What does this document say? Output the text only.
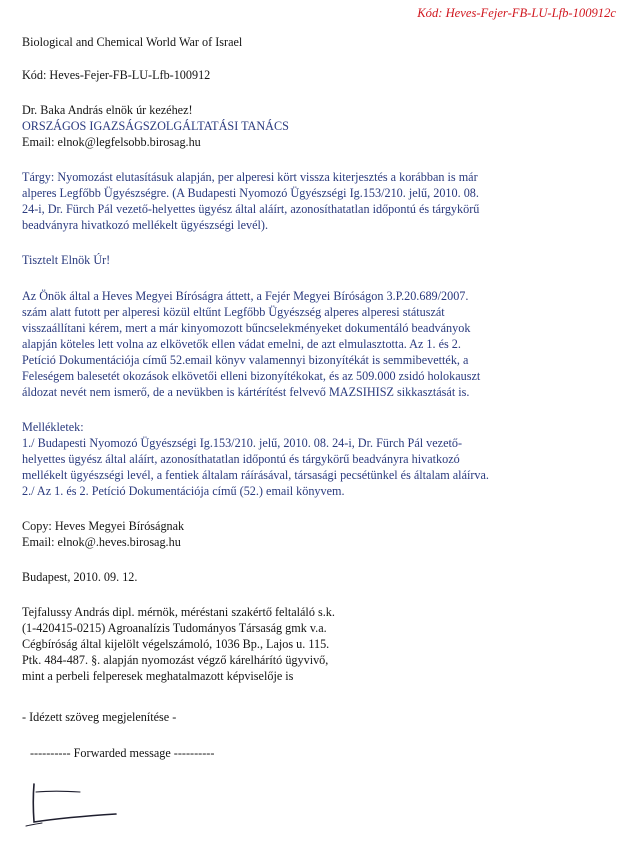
Kód: Heves-Fejer-FB-LU-Lfb-100912c
Biological and Chemical World War of Israel
Kód: Heves-Fejer-FB-LU-Lfb-100912
Dr. Baka András elnök úr kezéhez!
ORSZÁGOS IGAZSÁGSZOLGÁLTATÁSI TANÁCS
Email: elnok@legfelsobb.birosag.hu
Tárgy: Nyomozást elutasításuk alapján, per alperesi kört vissza kiterjesztés a korábban is már
alperes Legfőbb Ügyészségre. (A Budapesti Nyomozó Ügyészségi Ig.153/210. jelű, 2010. 08.
24-i, Dr. Fürch Pál vezető-helyettes ügyész által aláírt, azonosíthatatlan időpontú és tárgykörű
beadványra hivatkozó mellékelt ügyészségi levél).
Tisztelt Elnök Úr!
Az Önök által a Heves Megyei Bíróságra áttett, a Fejér Megyei Bíróságon 3.P.20.689/2007.
szám alatt futott per alperesi közül eltűnt Legfőbb Ügyészség alperes alperesi státuszát
visszaállítani kérem, mert a már kinyomozott bűncselekményeket dokumentáló beadványok
alapján köteles lett volna az elkövetők ellen vádat emelni, de azt elmulasztotta. Az 1. és 2.
Petíció Dokumentációja című 52.email könyv valamennyi bizonyítékát is semmibevették, a
Feleségem balesetét okozások elkövetői elleni bizonyítékokat, és az 509.000 zsidó holokauszt
áldozat nevét nem ismerő, de a nevükben is kártérítést felvevő MAZSIHISZ sikkasztását is.
Mellékletek:
1./ Budapesti Nyomozó Ügyészségi Ig.153/210. jelű, 2010. 08. 24-i, Dr. Fürch Pál vezető-
helyettes ügyész által aláírt, azonosíthatatlan időpontú és tárgykörű beadványra hivatkozó
mellékelt ügyészségi levél, a fentiek általam ráírásával, társasági pecsétünkel és általam aláírva.
2./ Az 1. és 2. Petíció Dokumentációja című (52.) email könyvem.
Copy: Heves Megyei Bíróságnak
Email: elnok@.heves.birosag.hu
Budapest, 2010. 09. 12.
Tejfalussy András dipl. mérnök, méréstani szakértő feltaláló s.k.
(1-420415-0215) Agroanalízis Tudományos Társaság gmk v.a.
Cégbíróság által kijelölt végelszámoló, 1036 Bp., Lajos u. 115.
Ptk. 484-487. §. alapján nyomozást végző kárelhárító ügyvivő,
mint a perbeli felperesek meghatalmazott képviselője is
- Idézett szöveg megjelenítése -
---------- Forwarded message ----------
